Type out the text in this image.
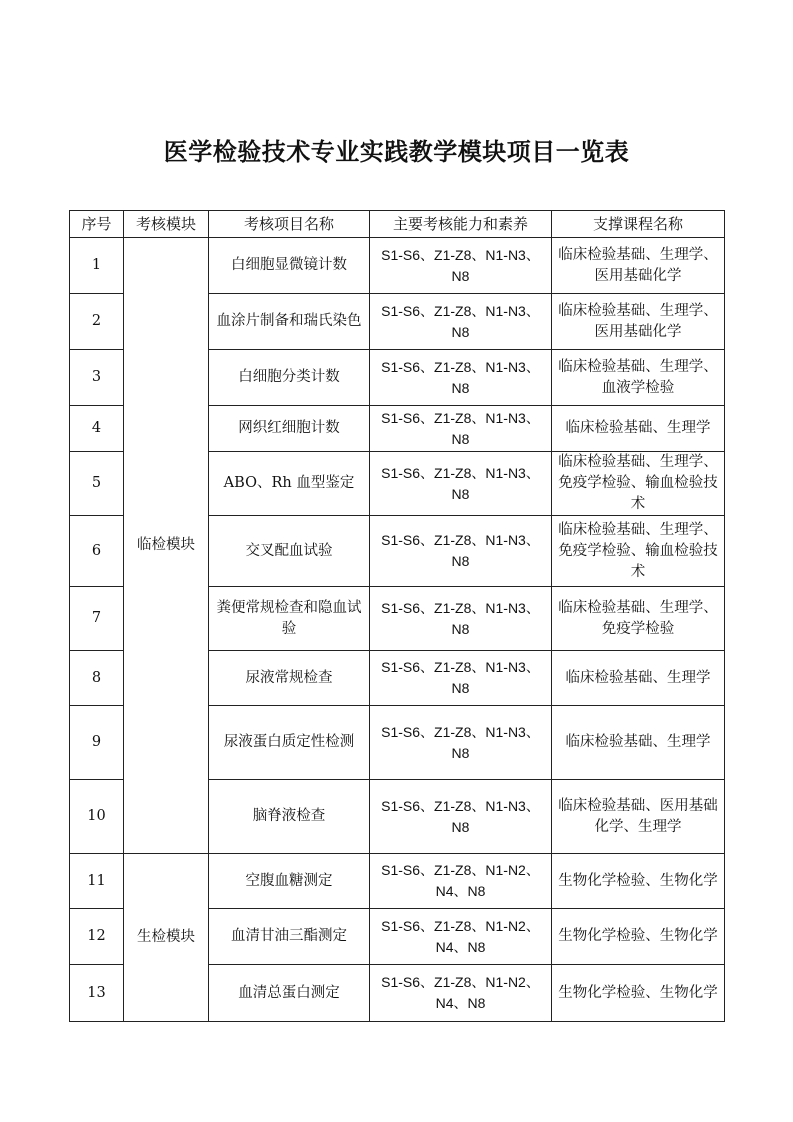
医学检验技术专业实践教学模块项目一览表
序号	考核模块	考核项目名称	主要考核能力和素养	支撑课程名称
1	临检模块	白细胞显微镜计数	S1-S6、Z1-Z8、N1-N3、N8	临床检验基础、生理学、医用基础化学
2		血涂片制备和瑞氏染色	S1-S6、Z1-Z8、N1-N3、N8	临床检验基础、生理学、医用基础化学
3		白细胞分类计数	S1-S6、Z1-Z8、N1-N3、N8	临床检验基础、生理学、血液学检验
4		网织红细胞计数	S1-S6、Z1-Z8、N1-N3、N8	临床检验基础、生理学
5		ABO、Rh 血型鉴定	S1-S6、Z1-Z8、N1-N3、N8	临床检验基础、生理学、免疫学检验、输血检验技术
6		交叉配血试验	S1-S6、Z1-Z8、N1-N3、N8	临床检验基础、生理学、免疫学检验、输血检验技术
7		粪便常规检查和隐血试验	S1-S6、Z1-Z8、N1-N3、N8	临床检验基础、生理学、免疫学检验
8		尿液常规检查	S1-S6、Z1-Z8、N1-N3、N8	临床检验基础、生理学
9		尿液蛋白质定性检测	S1-S6、Z1-Z8、N1-N3、N8	临床检验基础、生理学
10		脑脊液检查	S1-S6、Z1-Z8、N1-N3、N8	临床检验基础、医用基础化学、生理学
11	生检模块	空腹血糖测定	S1-S6、Z1-Z8、N1-N2、N4、N8	生物化学检验、生物化学
12		血清甘油三酯测定	S1-S6、Z1-Z8、N1-N2、N4、N8	生物化学检验、生物化学
13		血清总蛋白测定	S1-S6、Z1-Z8、N1-N2、N4、N8	生物化学检验、生物化学
